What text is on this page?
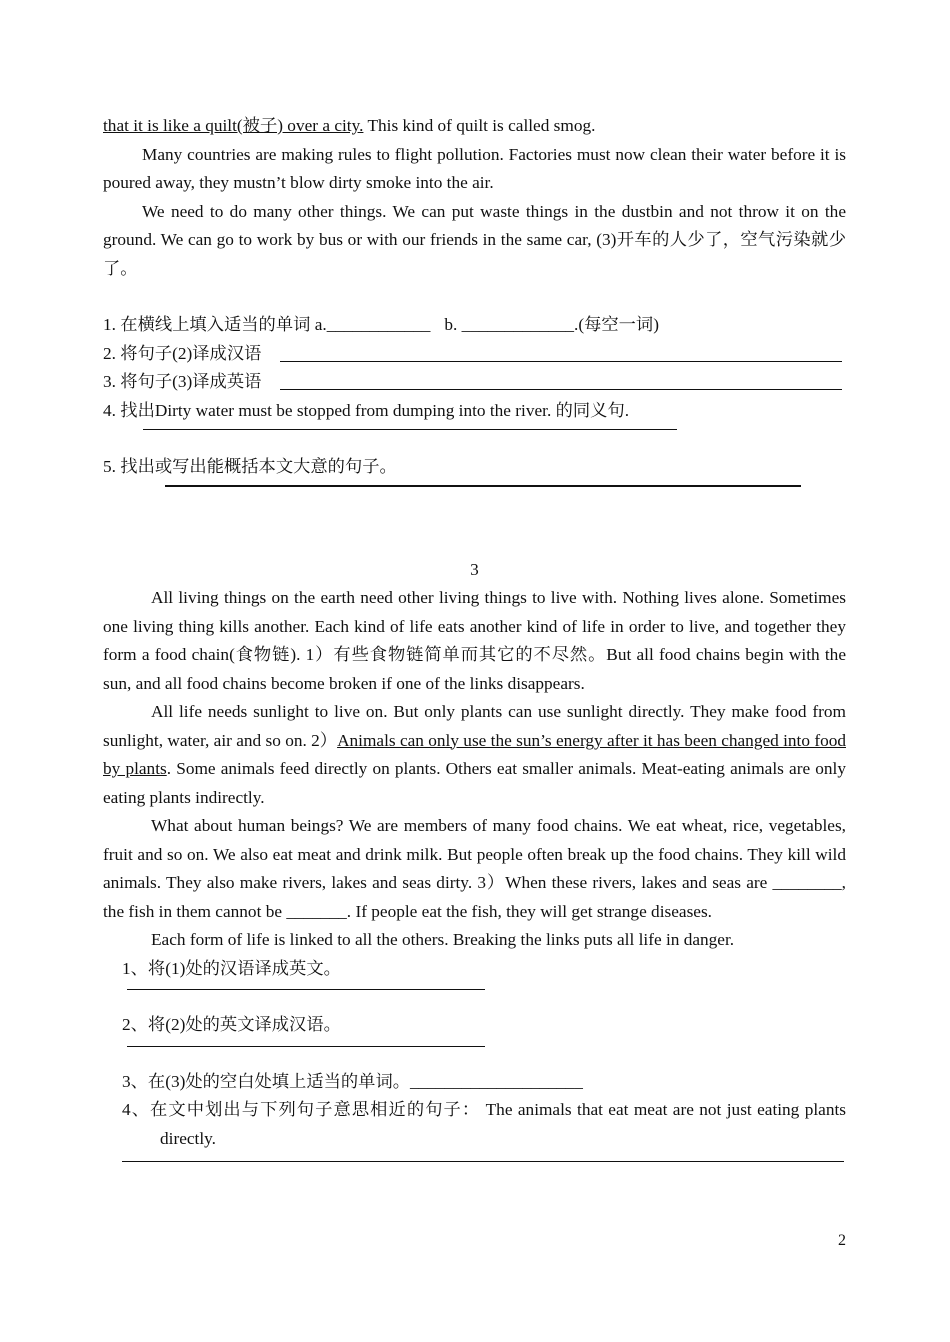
that it is like a quilt(被子) over a city. This kind of quilt is called smog.

Many countries are making rules to flight pollution. Factories must now clean their water before it is poured away, they mustn’t blow dirty smoke into the air.

We need to do many other things. We can put waste things in the dustbin and not throw it on the ground. We can go to work by bus or with our friends in the same car, (3)开车的人少了，空气污染就少了。

1. 在横线上填入适当的单词 a.____________ b. _____________.(每空一词)

2. 将句子(2)译成汉语
3. 将句子(3)译成英语

4. 找出Dirty water must be stopped from dumping into the river. 的同义句.

5. 找出或写出能概括本文大意的句子。

3

All living things on the earth need other living things to live with. Nothing lives alone. Sometimes one living thing kills another. Each kind of life eats another kind of life in order to live, and together they form a food chain(食物链). 1）有些食物链简单而其它的不尽然。But all food chains begin with the sun, and all food chains become broken if one of the links disappears.

All life needs sunlight to live on. But only plants can use sunlight directly. They make food from sunlight, water, air and so on. 2）Animals can only use the sun’s energy after it has been changed into food by plants. Some animals feed directly on plants. Others eat smaller animals. Meat-eating animals are only eating plants indirectly.

What about human beings? We are members of many food chains. We eat wheat, rice, vegetables, fruit and so on. We also eat meat and drink milk. But people often break up the food chains. They kill wild animals. They also make rivers, lakes and seas dirty. 3）When these rivers, lakes and seas are ________, the fish in them cannot be _______. If people eat the fish, they will get strange diseases.

Each form of life is linked to all the others. Breaking the links puts all life in danger.

1、将(1)处的汉语译成英文。

2、将(2)处的英文译成汉语。

3、在(3)处的空白处填上适当的单词。____________________

4、在文中划出与下列句子意思相近的句子： The animals that eat meat are not just eating plants directly.

2
